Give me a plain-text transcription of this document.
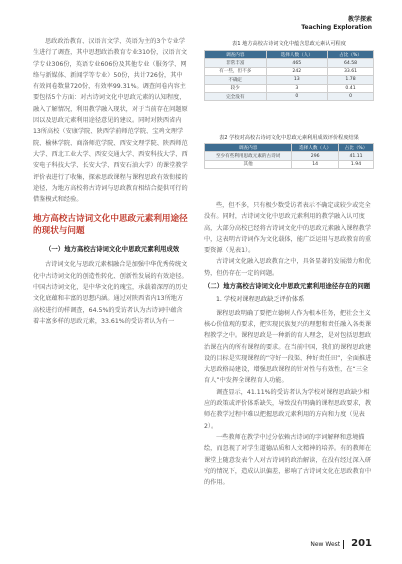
教学探索
Teaching Exploration

思政政治教育、汉语言文学、英语为主的3个专业学生进行了调查，其中思想政治教育专业310份，汉语言文学专业306份，英语专业606份及其他专业（服务学、网络与新媒体、新闻学等专业）50份，共计726份，其中有效问卷数量720份，有效率99.31%。调查问卷内容主要包括5个方面：对古诗词文化中思政元素的认知程度，融入了解情况，利用教学融入现状，对于当前存在问题原因以及思政元素利用途径意见的建议。同时对陕西省内13所高校（安康学院、陕西学前师范学院、宝鸡文理学院、榆林学院、商洛师范学院、西安文理学院、陕西师范大学、西北工业大学、西安交通大学、西安科技大学、西安电子科技大学、长安大学、西安石油大学）的课堂教学评价表进行了收集，探索思政课程与课程思政有效衔接的途径，为地方高校将古诗词与思政教育相结合提供可行的借鉴模式和经验。

地方高校古诗词文化中思政元素利用途径的现状与问题
（一）地方高校古诗词文化中思政元素利用成效

古诗词文化与思政元素相融合是加强中华优秀传统文化中古诗词文化的创造性转化、创新性发展的有效途径。中国古诗词文化，是中华文化的瑰宝，承载着深厚的历史文化底蕴和丰富的思想内涵。通过对陕西省内13所地方高校进行的样调查，64.5%的受访者认为古诗词中蕴含着丰富多样的思政元素，33.61%的受访者认为有一

表1 地方高校古诗词文化中蕴含思政元素认可程度
调查内容	选择人数（人）	占比（%）
非常丰富	465	64.58
有一些，但不多	242	33.61
不确定	13	1.78
较少	3	0.41
完全没有	0	0
表2 学校对高校古诗词文化中思政元素利用成效评价程度结果
调查内容	选择人数（人）	占比（%）
至少有些利用思政元素的古诗词	296	41.11
其他	14	1.94

些，但不多，只有极少数受访者表示不确定或较少或完全没有。同时，古诗词文化中思政元素利用的教学融入认可度高，大部分高校已经将古诗词文化中的思政元素融入课程教学中，这表明古诗词作为文化载体，能广泛运用与思政教育的重要资源（见表1）。

古诗词文化融入思政教育之中，具备显著的发展潜力和优势，但仍存在一定的问题。

（二）地方高校古诗词文化中思政元素利用途径存在的问题
1. 学校对课程思政缺乏评价体系

课程思政明确了要把立德树人作为根本任务，把社会主义核心价值观的要求，把实现民族复兴的理想和责任融入各类课程教学之中。课程思政是一种新的育人理念，是对包括思想政治课在内的所有课程的要求。在当前中国，我们的课程思政建设的目标是实现课程的“守好一段渠、种好责任田”，全面推进大思政格局建设，增强思政课程的针对性与有效性，在“三全育人”中发挥全课程育人功能。

调查显示，41.11%的受访者认为学校对课程思政缺少相应的政策或评价体系缺失，导致没有明确的课程思政要求，教师在教学过程中难以把握思政元素利用的方向和力度（见表2）。

一些教师在教学中过分依赖古诗词的字词解释和意境描绘，而忽视了对学生道德品质和人文精神的培养。有的教师在课堂上随意发表个人对古诗词的政治解读，在没有经过深入研究的情况下，造成认识偏差，影响了古诗词文化在思政教育中的作用。

New West 201
